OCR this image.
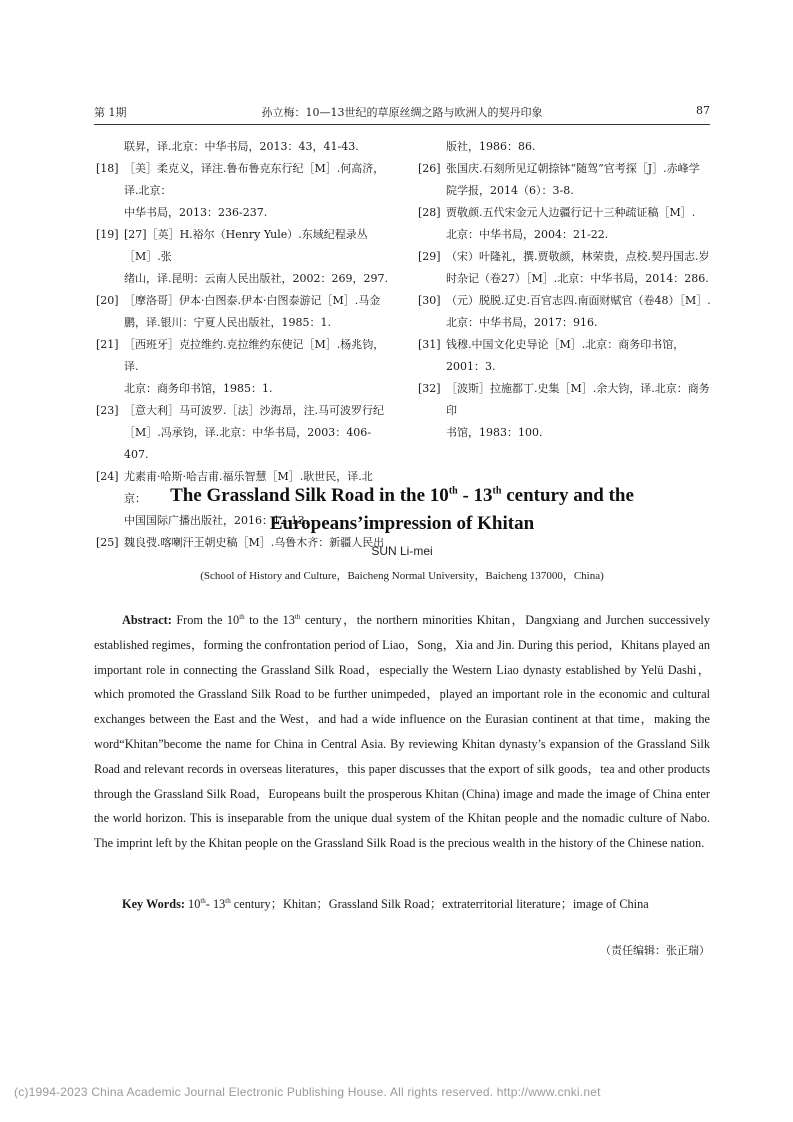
第 1期	孙立梅：10—13世纪的草原丝绸之路与欧洲人的契丹印象	87
联昇，译.北京：中华书局，2013：43，41-43.
[18] ［美］柔克义，译注.鲁布鲁克东行纪［M］.何高济，译.北京：
中华书局，2013：236-237.
[19] [27]［英］H.裕尔（Henry Yule）.东域纪程录丛［M］.张
绪山，译.昆明：云南人民出版社，2002：269，297.
[20] ［摩洛哥］伊本·白图泰.伊本·白图泰游记［M］.马金
鹏，译.银川：宁夏人民出版社，1985：1.
[21] ［西班牙］克拉维约.克拉维约东使记［M］.杨兆钧，译.
北京：商务印书馆，1985：1.
[23] ［意大利］马可波罗.［法］沙海昂，注.马可波罗行纪
［M］.冯承钧，译.北京：中华书局，2003：406-407.
[24] 尤素甫·哈斯·哈吉甫.福乐智慧［M］.耿世民，译.北京：
中国国际广播出版社，2016：12-13.
[25] 魏良弢.喀喇汗王朝史稿［M］.乌鲁木齐：新疆人民出
版社，1986：86.
[26] 张国庆.石刻所见辽朝捺钵“随驾”官考探［J］.赤峰学
院学报，2014（6）：3-8.
[28] 贾敬颜.五代宋金元人边疆行记十三种疏证稿［M］.
北京：中华书局，2004：21-22.
[29] （宋）叶隆礼，撰.贾敬颜，林荣贵，点校.契丹国志.岁
时杂记（卷27）［M］.北京：中华书局，2014：286.
[30] （元）脱脱.辽史.百官志四.南面财赋官（卷48）［M］.
北京：中华书局，2017：916.
[31] 钱穆.中国文化史导论［M］.北京：商务印书馆，2001：3.
[32] ［波斯］拉施都丁.史集［M］.余大钧，译.北京：商务印
书馆，1983：100.
The Grassland Silk Road in the 10th - 13th century and the
Europeans’impression of Khitan
SUN Li-mei
(School of History and Culture，Baicheng Normal University，Baicheng 137000，China)
Abstract: From the 10th to the 13th century，the northern minorities Khitan，Dangxiang and Jurchen successively established regimes，forming the confrontation period of Liao，Song，Xia and Jin. During this period，Khitans played an important role in connecting the Grassland Silk Road，especially the Western Liao dynasty established by Yelü Dashi，which promoted the Grassland Silk Road to be further unimpeded，played an important role in the economic and cultural exchanges between the East and the West，and had a wide influence on the Eurasian continent at that time，making the word“Khitan”become the name for China in Central Asia. By reviewing Khitan dynasty’s expansion of the Grassland Silk Road and relevant records in overseas literatures，this paper discusses that the export of silk goods，tea and other products through the Grassland Silk Road，Europeans built the prosperous Khitan (China) image and made the image of China enter the world horizon. This is inseparable from the unique dual system of the Khitan people and the nomadic culture of Nabo. The imprint left by the Khitan people on the Grassland Silk Road is the precious wealth in the history of the Chinese nation.
Key Words: 10th- 13th century；Khitan；Grassland Silk Road；extraterritorial literature；image of China
（责任编辑：张正瑞）
(c)1994-2023 China Academic Journal Electronic Publishing House. All rights reserved. http://www.cnki.net
